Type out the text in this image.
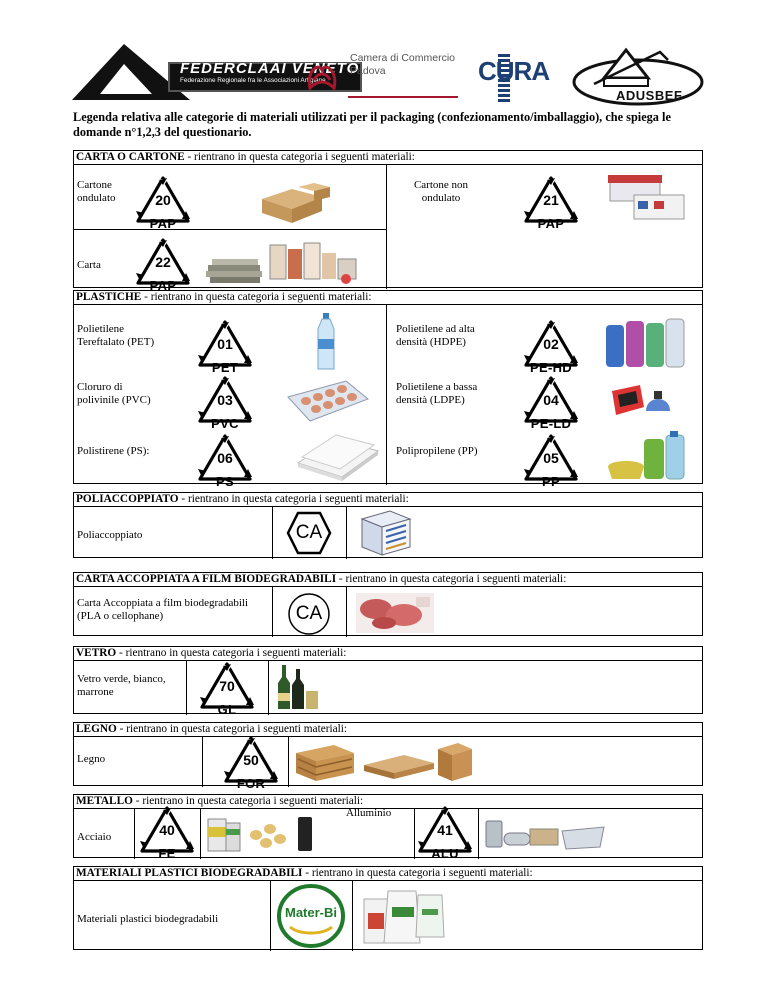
FEDERCLAAI VENETO
Federazione Regionale fra le Associazioni Artigiane
Camera di Commercio
Padova	CURA
ADUSBEF
Legenda relativa alle categorie di materiali utilizzati per il packaging (confezionamento/imballaggio), che spiega le domande n°1,2,3 del questionario.
CARTA O CARTONE - rientrano in questa categoria i seguenti materiali:
Cartone ondulato	20
PAP
Cartone non ondulato	21
PAP
Carta	22
PAP
PLASTICHE - rientrano in questa categoria i seguenti materiali:
Polietilene Tereftalato (PET)	01
PET
Polietilene ad alta densità (HDPE)	02
PE-HD
Cloruro di polivinile (PVC)	03
PVC
Polietilene a bassa densità (LDPE)	04
PE-LD
Polistirene (PS):	06
PS
Polipropilene (PP)	05
PP
POLIACCOPPIATO - rientrano in questa categoria i seguenti materiali:
Poliaccoppiato	CA
CARTA ACCOPPIATA A FILM BIODEGRADABILI - rientrano in questa categoria i seguenti materiali:
Carta Accoppiata a film biodegradabili (PLA o cellophane)	CA
VETRO - rientrano in questa categoria i seguenti materiali:
Vetro verde, bianco, marrone	70
GL
LEGNO - rientrano in questa categoria i seguenti materiali:
Legno	50
FOR
METALLO - rientrano in questa categoria i seguenti materiali:
Acciaio	40
FE
Alluminio
41
ALU
MATERIALI PLASTICI BIODEGRADABILI - rientrano in questa categoria i seguenti materiali:
Materiali plastici biodegradabili	Mater-Bi
